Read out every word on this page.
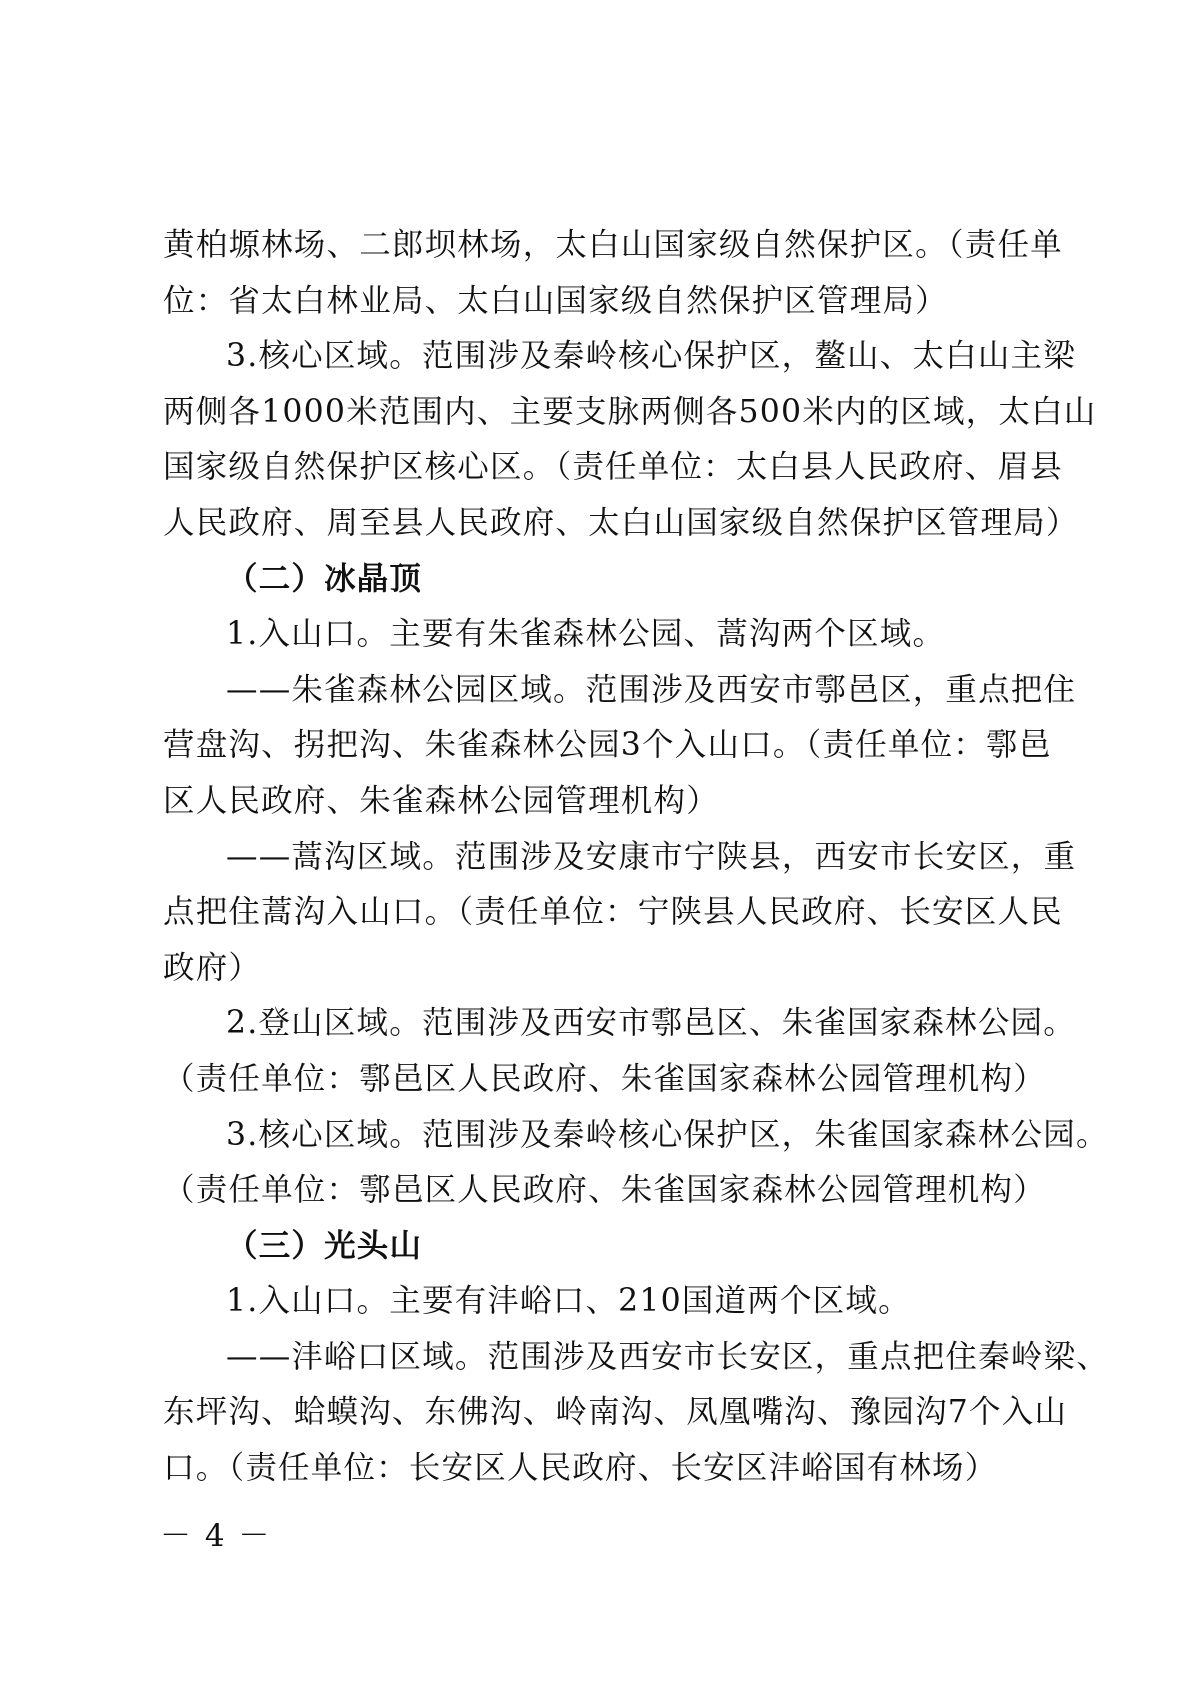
黄柏塬林场、二郎坝林场，太白山国家级自然保护区。（责任单
位：省太白林业局、太白山国家级自然保护区管理局）
3.核心区域。范围涉及秦岭核心保护区，鳌山、太白山主梁
两侧各1000米范围内、主要支脉两侧各500米内的区域，太白山
国家级自然保护区核心区。（责任单位：太白县人民政府、眉县
人民政府、周至县人民政府、太白山国家级自然保护区管理局）
（二）冰晶顶
1.入山口。主要有朱雀森林公园、蒿沟两个区域。
——朱雀森林公园区域。范围涉及西安市鄠邑区，重点把住
营盘沟、拐把沟、朱雀森林公园3个入山口。（责任单位：鄠邑
区人民政府、朱雀森林公园管理机构）
——蒿沟区域。范围涉及安康市宁陕县，西安市长安区，重
点把住蒿沟入山口。（责任单位：宁陕县人民政府、长安区人民
政府）
2.登山区域。范围涉及西安市鄠邑区、朱雀国家森林公园。
（责任单位：鄠邑区人民政府、朱雀国家森林公园管理机构）
3.核心区域。范围涉及秦岭核心保护区，朱雀国家森林公园。
（责任单位：鄠邑区人民政府、朱雀国家森林公园管理机构）
（三）光头山
1.入山口。主要有沣峪口、210国道两个区域。
——沣峪口区域。范围涉及西安市长安区，重点把住秦岭梁、
东坪沟、蛤蟆沟、东佛沟、岭南沟、凤凰嘴沟、豫园沟7个入山
口。（责任单位：长安区人民政府、长安区沣峪国有林场）
－ 4 －
